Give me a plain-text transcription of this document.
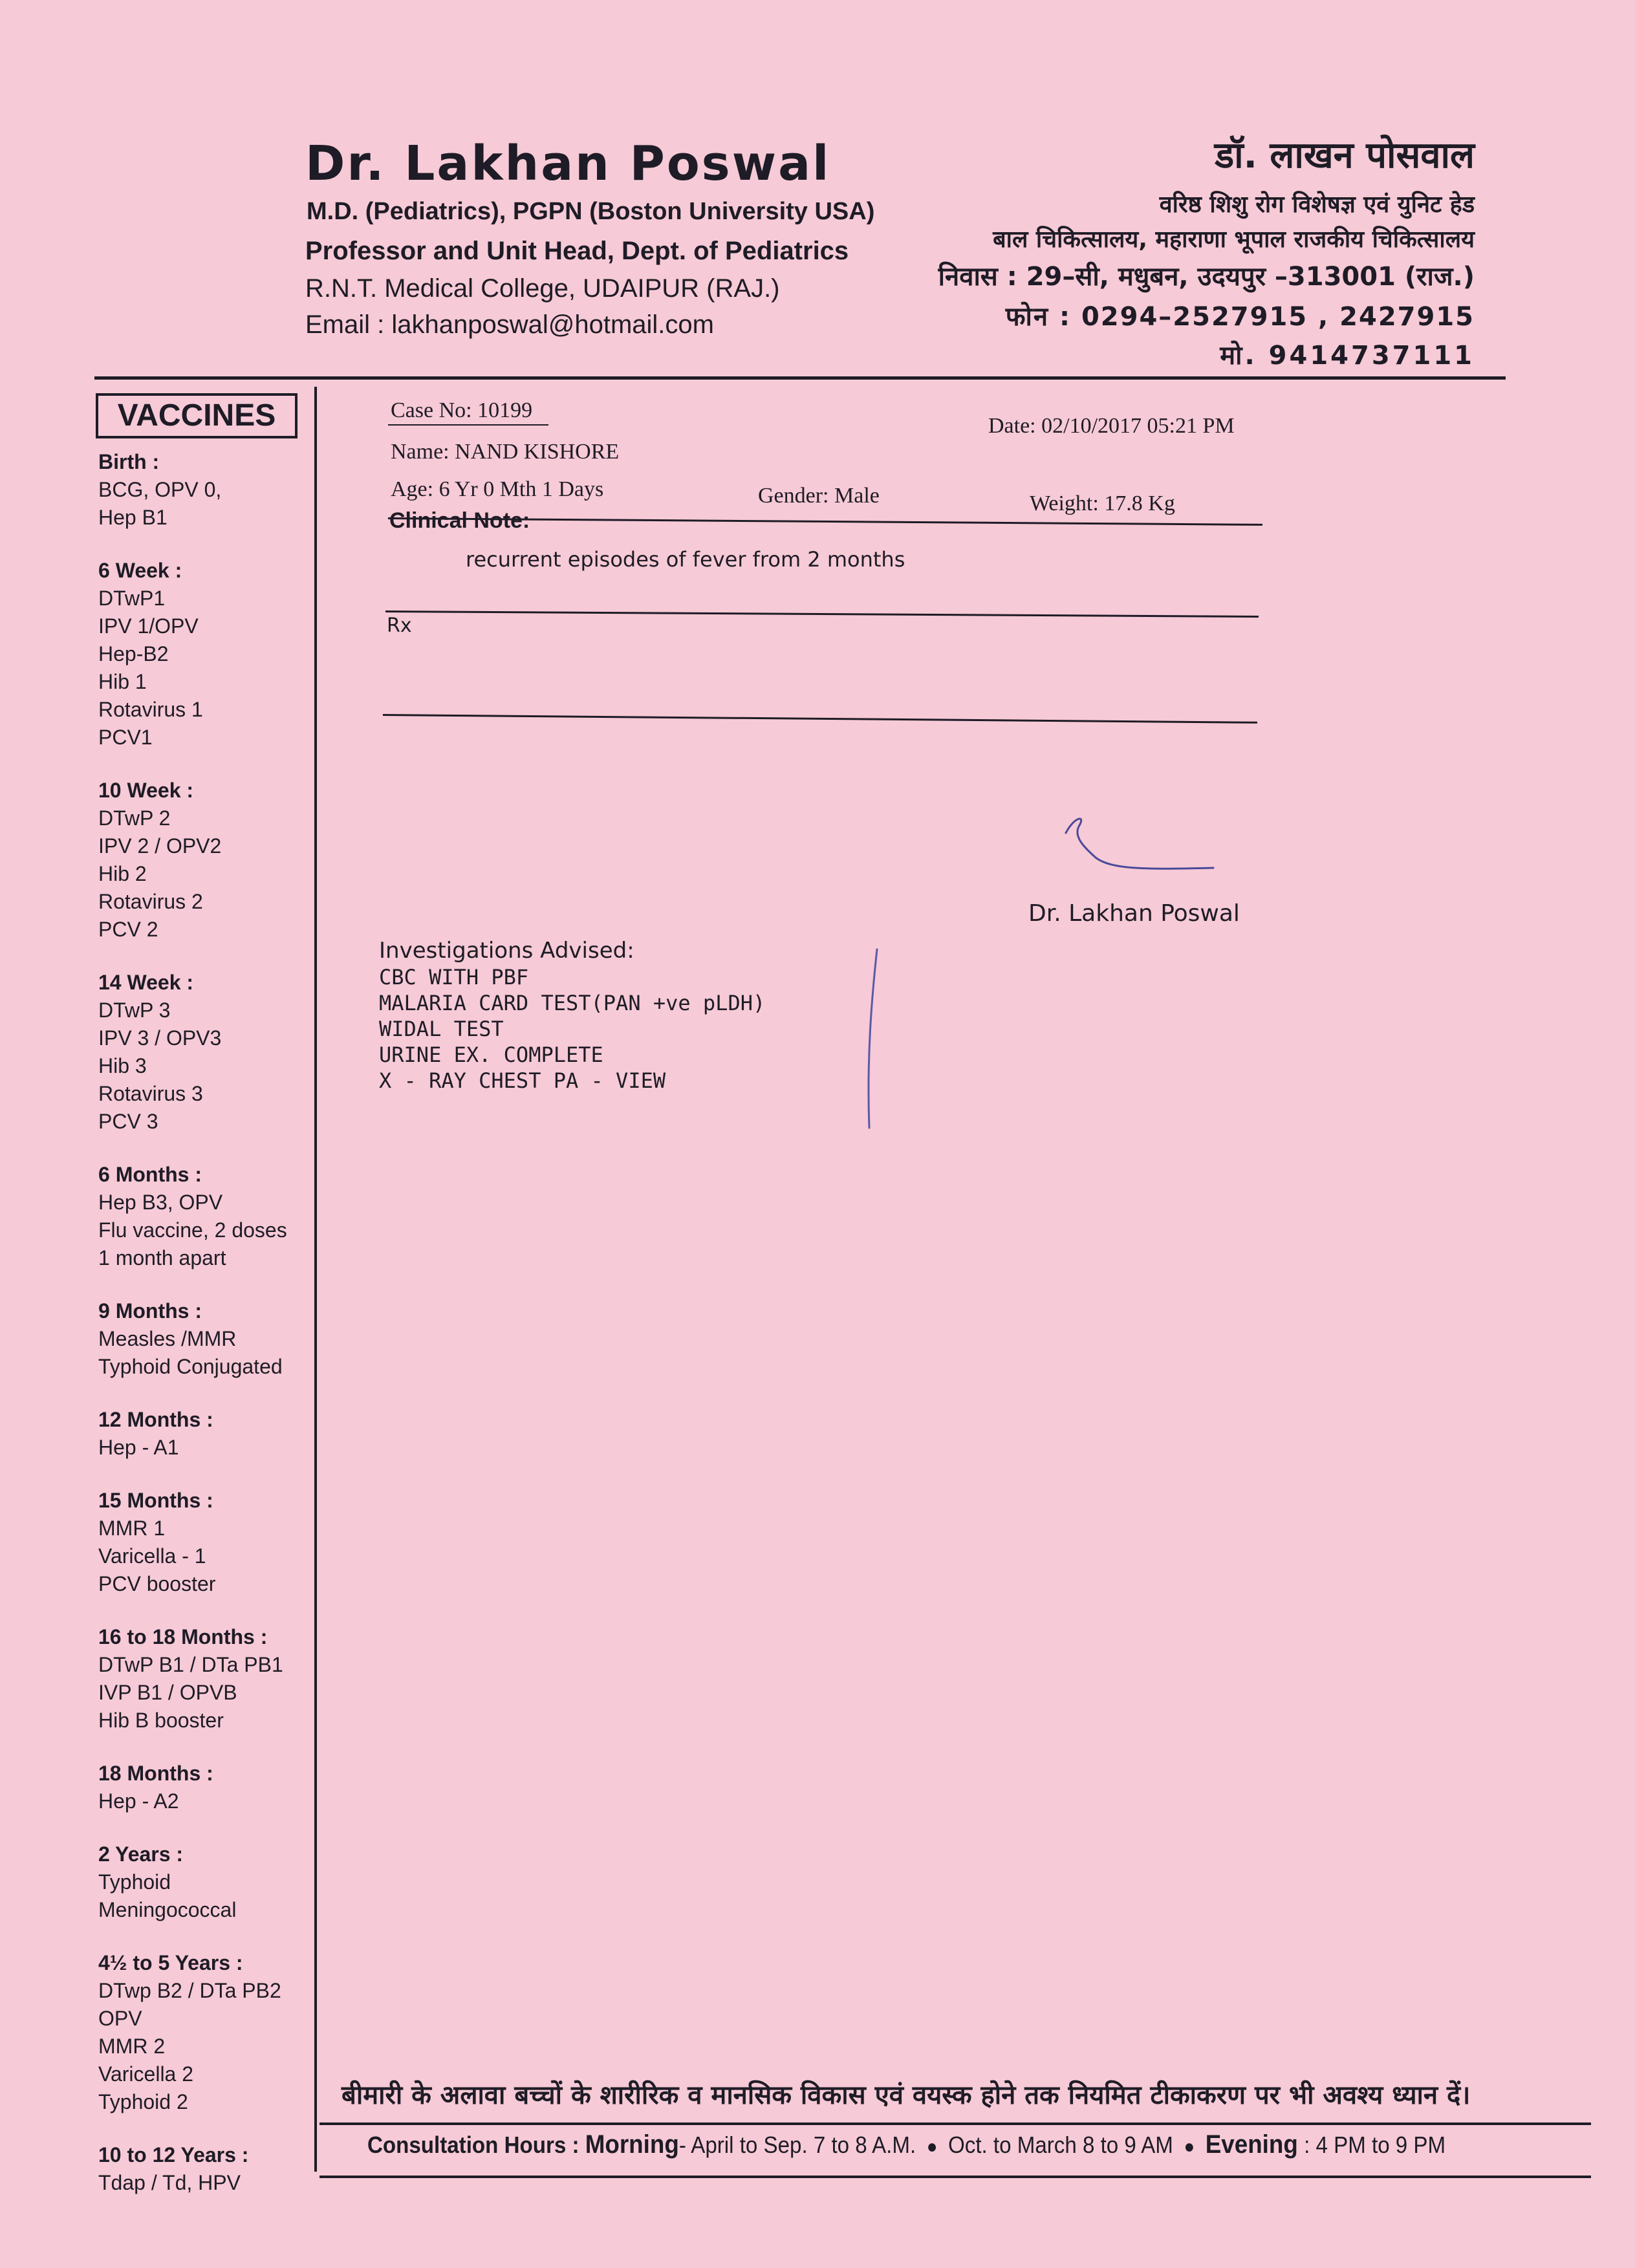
Dr. Lakhan Poswal
M.D. (Pediatrics), PGPN (Boston University USA)
Professor and Unit Head, Dept. of Pediatrics
R.N.T. Medical College, UDAIPUR (RAJ.)
Email : lakhanposwal@hotmail.com
डॉ. लाखन पोसवाल
वरिष्ठ शिशु रोग विशेषज्ञ एवं युनिट हेड
बाल चिकित्सालय, महाराणा भूपाल राजकीय चिकित्सालय
निवास : 29–सी, मधुबन, उदयपुर –313001 (राज.)
फोन : 0294–2527915 , 2427915
मो. 9414737111
VACCINES
Birth :
BCG, OPV 0,
Hep B1
6 Week :
DTwP1
IPV 1/OPV
Hep-B2
Hib 1
Rotavirus 1
PCV1
10 Week :
DTwP 2
IPV 2 / OPV2
Hib 2
Rotavirus 2
PCV 2
14 Week :
DTwP 3
IPV 3 / OPV3
Hib 3
Rotavirus 3
PCV 3
6 Months :
Hep B3, OPV
Flu vaccine, 2 doses
1 month apart
9 Months :
Measles /MMR
Typhoid Conjugated
12 Months :
Hep - A1
15 Months :
MMR 1
Varicella - 1
PCV booster
16 to 18 Months :
DTwP B1 / DTa PB1
IVP B1 / OPVB
Hib B booster
18 Months :
Hep - A2
2 Years :
Typhoid
Meningococcal
4½ to 5 Years :
DTwp B2 / DTa PB2
OPV
MMR 2
Varicella 2
Typhoid 2
10 to 12 Years :
Tdap / Td, HPV
Case No: 10199
Date: 02/10/2017 05:21 PM
Name: NAND KISHORE
Age: 6 Yr 0 Mth 1 Days	Gender: Male	Weight: 17.8 Kg
Clinical Note:
recurrent episodes of fever from 2 months
Rx
Dr. Lakhan Poswal
Investigations Advised:
CBC WITH PBF
MALARIA CARD TEST(PAN +ve pLDH)
WIDAL TEST
URINE EX. COMPLETE
X - RAY CHEST PA - VIEW
बीमारी के अलावा बच्चों के शारीरिक व मानसिक विकास एवं वयस्क होने तक नियमित टीकाकरण पर भी अवश्य ध्यान दें।
Consultation Hours : Morning- April to Sep. 7 to 8 A.M. ● Oct. to March 8 to 9 AM ● Evening : 4 PM to 9 PM
